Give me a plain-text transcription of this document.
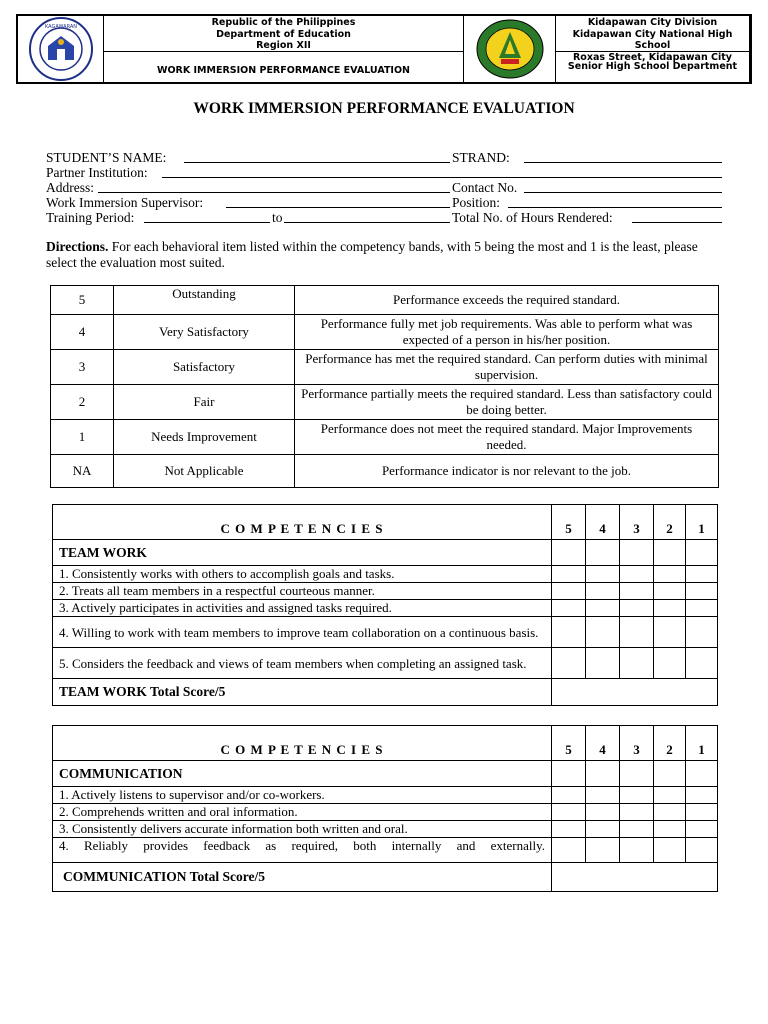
KAGAWARAN	Republic of the Philippines
Department of Education
Region XII
WORK IMMERSION PERFORMANCE EVALUATION
Kidapawan City Division
Kidapawan City National High School
Roxas Street, Kidapawan City
Senior High School Department
WORK IMMERSION PERFORMANCE EVALUATION
STUDENT’S NAME:	STRAND:
Partner Institution:
Address:	Contact No.
Work Immersion Supervisor:	Position:
Training Period:	to	Total No. of Hours Rendered:
Directions. For each behavioral item listed within the competency bands, with 5 being the most and 1 is the least, please select the evaluation most suited.
5	Outstanding	Performance exceeds the required standard.
4	Very Satisfactory	Performance fully met job requirements. Was able to perform what was expected of a person in his/her position.
3	Satisfactory	Performance has met the required standard. Can perform duties with minimal supervision.
2	Fair	Performance partially meets the required standard. Less than satisfactory could be doing better.
1	Needs Improvement	Performance does not meet the required standard. Major Improvements needed.
NA	Not Applicable	Performance indicator is nor relevant to the job.
C O M P E T E N C I E S	5	4	3	2	1
TEAM WORK					
1. Consistently works with others to accomplish goals and tasks.					
2. Treats all team members in a respectful courteous manner.					
3. Actively participates in activities and assigned tasks required.					
4. Willing to work with team members to improve team collaboration on a continuous basis.					
5. Considers the feedback and views of team members when completing an assigned task.					
TEAM WORK Total Score/5					
C O M P E T E N C I E S	5	4	3	2	1
COMMUNICATION					
1. Actively listens to supervisor and/or co-workers.					
2. Comprehends written and oral information.					
3. Consistently delivers accurate information both written and oral.					
4. Reliably provides feedback as required, both internally and externally.					
COMMUNICATION Total Score/5					
